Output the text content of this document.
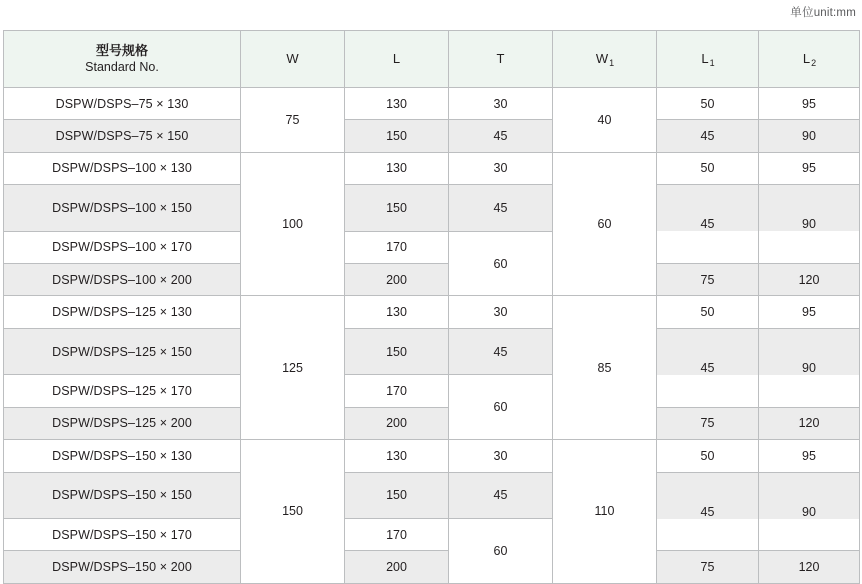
单位unit:mm
型号规格
Standard No.	W	L	T	$W_1$	$L_1$	$L_2$
DSPW/DSPS–75 × 130	75	130	30	40	50	95
DSPW/DSPS–75 × 150		150	45		45	90
DSPW/DSPS–100 × 130	100	130	30	60	50	95
DSPW/DSPS–100 × 150		150	45		45	90
DSPW/DSPS–100 × 170		170	60			
DSPW/DSPS–100 × 200		200			75	120
DSPW/DSPS–125 × 130	125	130	30	85	50	95
DSPW/DSPS–125 × 150		150	45		45	90
DSPW/DSPS–125 × 170		170	60			
DSPW/DSPS–125 × 200		200			75	120
DSPW/DSPS–150 × 130	150	130	30	110	50	95
DSPW/DSPS–150 × 150		150	45		45	90
DSPW/DSPS–150 × 170		170	60			
DSPW/DSPS–150 × 200		200			75	120
